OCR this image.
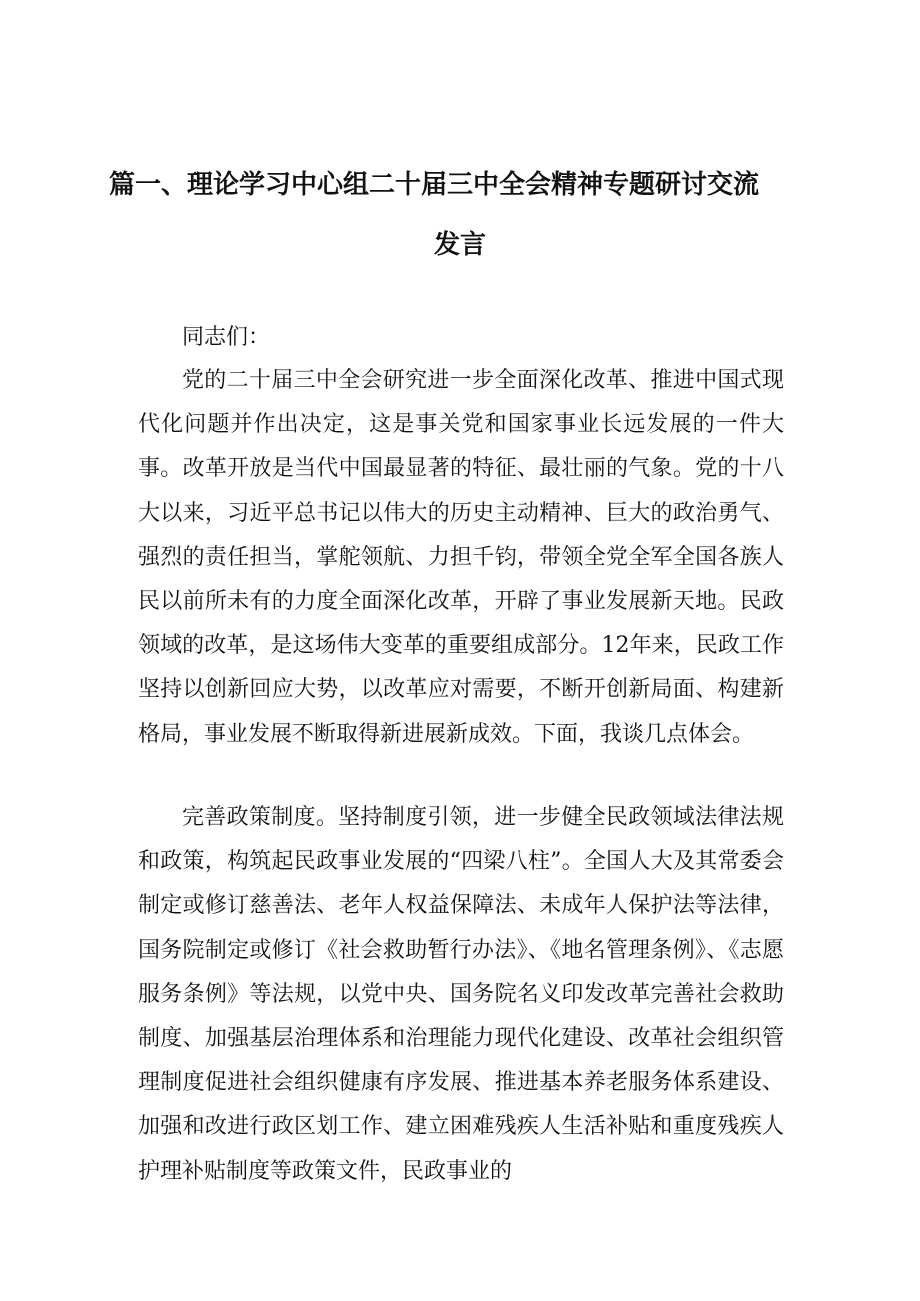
篇一、理论学习中心组二十届三中全会精神专题研讨交流
发言
同志们：

党的二十届三中全会研究进一步全面深化改革、推进中国式现代化问题并作出决定，这是事关党和国家事业长远发展的一件大事。改革开放是当代中国最显著的特征、最壮丽的气象。党的十八大以来，习近平总书记以伟大的历史主动精神、巨大的政治勇气、强烈的责任担当，掌舵领航、力担千钧，带领全党全军全国各族人民以前所未有的力度全面深化改革，开辟了事业发展新天地。民政领域的改革，是这场伟大变革的重要组成部分。12年来，民政工作坚持以创新回应大势，以改革应对需要，不断开创新局面、构建新格局，事业发展不断取得新进展新成效。下面，我谈几点体会。

完善政策制度。坚持制度引领，进一步健全民政领域法律法规和政策，构筑起民政事业发展的“四梁八柱”。全国人大及其常委会制定或修订慈善法、老年人权益保障法、未成年人保护法等法律，国务院制定或修订《社会救助暂行办法》、《地名管理条例》、《志愿服务条例》等法规，以党中央、国务院名义印发改革完善社会救助制度、加强基层治理体系和治理能力现代化建设、改革社会组织管理制度促进社会组织健康有序发展、推进基本养老服务体系建设、加强和改进行政区划工作、建立困难残疾人生活补贴和重度残疾人护理补贴制度等政策文件，民政事业的
